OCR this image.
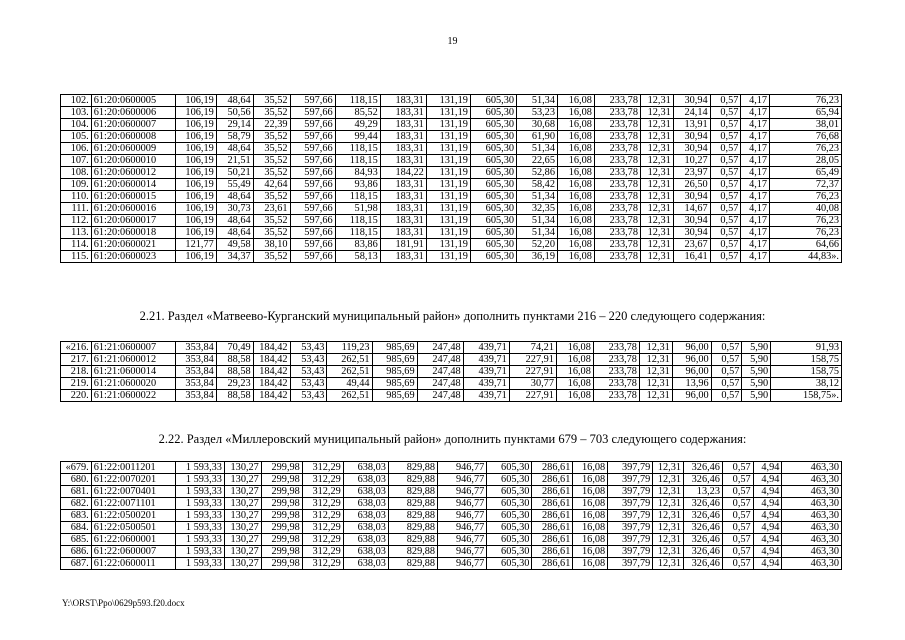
19
102.	61:20:0600005	106,19	48,64	35,52	597,66	118,15	183,31	131,19	605,30	51,34	16,08	233,78	12,31	30,94	0,57	4,17	76,23
103.	61:20:0600006	106,19	50,56	35,52	597,66	85,52	183,31	131,19	605,30	53,23	16,08	233,78	12,31	24,14	0,57	4,17	65,94
104.	61:20:0600007	106,19	29,14	22,39	597,66	49,29	183,31	131,19	605,30	30,68	16,08	233,78	12,31	13,91	0,57	4,17	38,01
105.	61:20:0600008	106,19	58,79	35,52	597,66	99,44	183,31	131,19	605,30	61,90	16,08	233,78	12,31	30,94	0,57	4,17	76,68
106.	61:20:0600009	106,19	48,64	35,52	597,66	118,15	183,31	131,19	605,30	51,34	16,08	233,78	12,31	30,94	0,57	4,17	76,23
107.	61:20:0600010	106,19	21,51	35,52	597,66	118,15	183,31	131,19	605,30	22,65	16,08	233,78	12,31	10,27	0,57	4,17	28,05
108.	61:20:0600012	106,19	50,21	35,52	597,66	84,93	184,22	131,19	605,30	52,86	16,08	233,78	12,31	23,97	0,57	4,17	65,49
109.	61:20:0600014	106,19	55,49	42,64	597,66	93,86	183,31	131,19	605,30	58,42	16,08	233,78	12,31	26,50	0,57	4,17	72,37
110.	61:20:0600015	106,19	48,64	35,52	597,66	118,15	183,31	131,19	605,30	51,34	16,08	233,78	12,31	30,94	0,57	4,17	76,23
111.	61:20:0600016	106,19	30,73	23,61	597,66	51,98	183,31	131,19	605,30	32,35	16,08	233,78	12,31	14,67	0,57	4,17	40,08
112.	61:20:0600017	106,19	48,64	35,52	597,66	118,15	183,31	131,19	605,30	51,34	16,08	233,78	12,31	30,94	0,57	4,17	76,23
113.	61:20:0600018	106,19	48,64	35,52	597,66	118,15	183,31	131,19	605,30	51,34	16,08	233,78	12,31	30,94	0,57	4,17	76,23
114.	61:20:0600021	121,77	49,58	38,10	597,66	83,86	181,91	131,19	605,30	52,20	16,08	233,78	12,31	23,67	0,57	4,17	64,66
115.	61:20:0600023	106,19	34,37	35,52	597,66	58,13	183,31	131,19	605,30	36,19	16,08	233,78	12,31	16,41	0,57	4,17	44,83».
2.21. Раздел «Матвеево-Курганский муниципальный район» дополнить пунктами 216 – 220 следующего содержания:
«216.	61:21:0600007	353,84	70,49	184,42	53,43	119,23	985,69	247,48	439,71	74,21	16,08	233,78	12,31	96,00	0,57	5,90	91,93
217.	61:21:0600012	353,84	88,58	184,42	53,43	262,51	985,69	247,48	439,71	227,91	16,08	233,78	12,31	96,00	0,57	5,90	158,75
218.	61:21:0600014	353,84	88,58	184,42	53,43	262,51	985,69	247,48	439,71	227,91	16,08	233,78	12,31	96,00	0,57	5,90	158,75
219.	61:21:0600020	353,84	29,23	184,42	53,43	49,44	985,69	247,48	439,71	30,77	16,08	233,78	12,31	13,96	0,57	5,90	38,12
220.	61:21:0600022	353,84	88,58	184,42	53,43	262,51	985,69	247,48	439,71	227,91	16,08	233,78	12,31	96,00	0,57	5,90	158,75».
2.22. Раздел «Миллеровский муниципальный район» дополнить пунктами 679 – 703 следующего содержания:
«679.	61:22:0011201	1 593,33	130,27	299,98	312,29	638,03	829,88	946,77	605,30	286,61	16,08	397,79	12,31	326,46	0,57	4,94	463,30
680.	61:22:0070201	1 593,33	130,27	299,98	312,29	638,03	829,88	946,77	605,30	286,61	16,08	397,79	12,31	326,46	0,57	4,94	463,30
681.	61:22:0070401	1 593,33	130,27	299,98	312,29	638,03	829,88	946,77	605,30	286,61	16,08	397,79	12,31	13,23	0,57	4,94	463,30
682.	61:22:0071101	1 593,33	130,27	299,98	312,29	638,03	829,88	946,77	605,30	286,61	16,08	397,79	12,31	326,46	0,57	4,94	463,30
683.	61:22:0500201	1 593,33	130,27	299,98	312,29	638,03	829,88	946,77	605,30	286,61	16,08	397,79	12,31	326,46	0,57	4,94	463,30
684.	61:22:0500501	1 593,33	130,27	299,98	312,29	638,03	829,88	946,77	605,30	286,61	16,08	397,79	12,31	326,46	0,57	4,94	463,30
685.	61:22:0600001	1 593,33	130,27	299,98	312,29	638,03	829,88	946,77	605,30	286,61	16,08	397,79	12,31	326,46	0,57	4,94	463,30
686.	61:22:0600007	1 593,33	130,27	299,98	312,29	638,03	829,88	946,77	605,30	286,61	16,08	397,79	12,31	326,46	0,57	4,94	463,30
687.	61:22:0600011	1 593,33	130,27	299,98	312,29	638,03	829,88	946,77	605,30	286,61	16,08	397,79	12,31	326,46	0,57	4,94	463,30
Y:\ORST\Ppo\0629p593.f20.docx
